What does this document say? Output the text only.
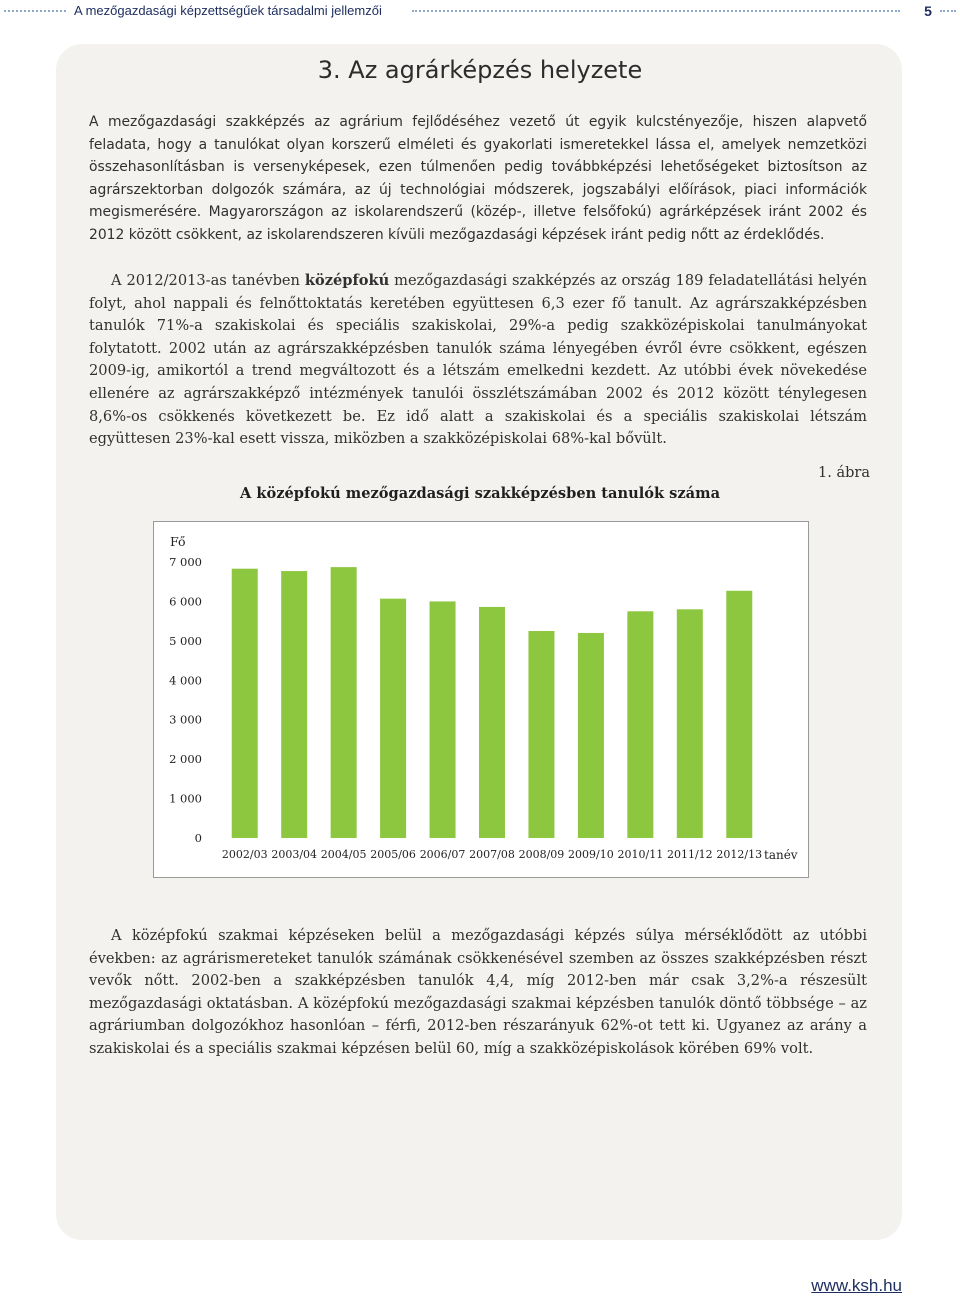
A mezőgazdasági képzettségűek társadalmi jellemzői	5
3. Az agrárképzés helyzete

A mezőgazdasági szakképzés az agrárium fejlődéséhez vezető út egyik kulcstényezője, hiszen alapvető feladata, hogy a tanulókat olyan korszerű elméleti és gyakorlati ismeretekkel lássa el, amelyek nemzetközi összehasonlításban is versenyképesek, ezen túlmenően pedig továbbképzési lehetőségeket biztosítson az agrárszektorban dolgozók számára, az új technológiai módszerek, jogszabályi előírások, piaci információk megismerésére. Magyarországon az iskolarendszerű (közép-, illetve felsőfokú) agrárképzések iránt 2002 és 2012 között csökkent, az iskolarendszeren kívüli mezőgazdasági képzések iránt pedig nőtt az érdeklődés.

A 2012/2013-as tanévben középfokú mezőgazdasági szakképzés az ország 189 feladatellátási helyén folyt, ahol nappali és felnőttoktatás keretében együttesen 6,3 ezer fő tanult. Az agrárszakképzésben tanulók 71%-a szakiskolai és speciális szakiskolai, 29%-a pedig szakközépiskolai tanulmányokat folytatott. 2002 után az agrárszakképzésben tanulók száma lényegében évről évre csökkent, egészen 2009-ig, amikortól a trend megváltozott és a létszám emelkedni kezdett. Az utóbbi évek növekedése ellenére az agrárszakképző intézmények tanulói összlétszámában 2002 és 2012 között ténylegesen 8,6%-os csökkenés következett be. Ez idő alatt a szakiskolai és a speciális szakiskolai létszám együttesen 23%-kal esett vissza, miközben a szakközépiskolai 68%-kal bővült.

1. ábra
A középfokú mezőgazdasági szakképzésben tanulók száma
Fő
0
1 000
2 000
3 000
4 000
5 000
6 000
7 000
2002/03 2003/04 2004/05 2005/06 2006/07 2007/08 2008/09 2009/10 2010/11 2011/12 2012/13 tanév

A középfokú szakmai képzéseken belül a mezőgazdasági képzés súlya mérséklődött az utóbbi években: az agrárismereteket tanulók számának csökkenésével szemben az összes szakképzésben részt vevők nőtt. 2002-ben a szakképzésben tanulók 4,4, míg 2012-ben már csak 3,2%-a részesült mezőgazdasági oktatásban. A középfokú mezőgazdasági szakmai képzésben tanulók döntő többsége – az agráriumban dolgozókhoz hasonlóan – férfi, 2012-ben részarányuk 62%-ot tett ki. Ugyanez az arány a szakiskolai és a speciális szakmai képzésen belül 60, míg a szakközépiskolások körében 69% volt.

www.ksh.hu
